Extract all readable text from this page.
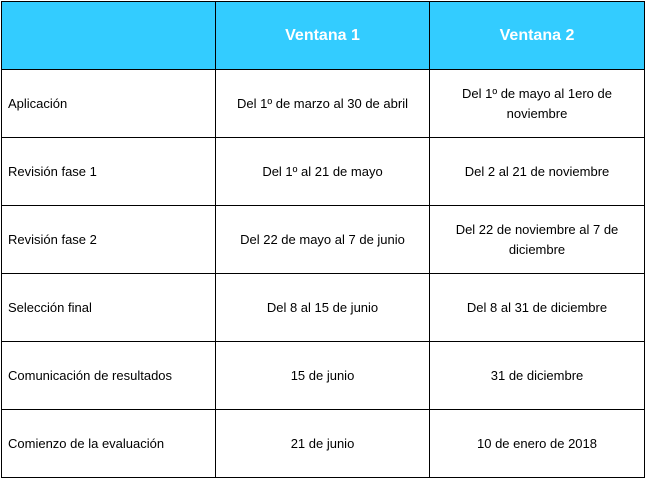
	Ventana 1	Ventana 2
Aplicación	Del 1º de marzo al 30 de abril	Del 1º de mayo al 1ero de noviembre
Revisión fase 1	Del 1º al 21 de mayo	Del 2 al 21 de noviembre
Revisión fase 2	Del 22 de mayo al 7 de junio	Del 22 de noviembre al 7 de diciembre
Selección final	Del 8 al 15 de junio	Del 8 al 31 de diciembre
Comunicación de resultados	15 de junio	31 de diciembre
Comienzo de la evaluación	21 de junio	10 de enero de 2018
